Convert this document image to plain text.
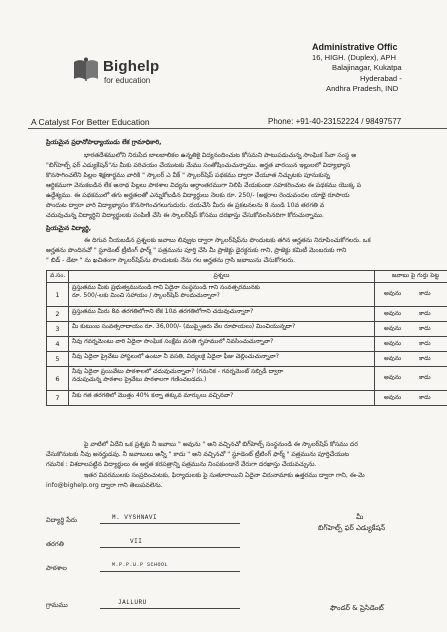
Bighelp
for education
A Catalyst For Better Education
Administrative Offic
16, HIGH. (Duplex), APH
Balajinagar, Kukatpa
Hyderabad -
Andhra Pradesh, IND
Phone: +91-40-23152224 / 98497577
ప్రియమైన ప్రధానోపాధ్యాయుడు లేక గ్రామాధికారి,
భారతదేశములోని నిరుపేద బాలబాలికల ఉన్నతికై విద్యనందించుట కోసమని పాటుపడుచున్న సాంఘిక సేవా సంస్థ అ
"బిగ్‌హెల్ప్ ఫర్ ఎడ్యుకేషన్"ను మీకు పరిచయం చేయుటకు మేము సంతోషించుచున్నాము. అర్హత వారయిన ఇల్లులలో విద్యాభ్యాస
కొనసాగించలేని పిల్లల శిక్షణార్థము వారికి " స్కాలర్ ఎ వీక్ " స్కాలర్‌షిప్ పథకము ద్వారా చేయూత నిచ్చుటకు పూనుకున్న
ఆర్థికముగా వెనుకబడిన లేక అనాథ పిల్లలు పాఠశాల విద్యను అర్ధాంతరముగా నిలిపి వేయకుండా సహకరించుట ఈ పథకము యొక్క ప
ఉద్దేశ్యము. ఈ పథకములో తగు అర్హతలతో ఎన్నుకోబడిన విద్యార్థులు నెలకు రూ. 250/- (అక్షరాల రెండువందల యాభై రూపాయ
పొందుట ద్వారా వారి విద్యాభ్యాసం కొనసాగించగలుగుదురు. దయచేసి మీరు ఈ ప్రకటనలను 8 నుండి 10వ తరగతి వ
చదువుచున్న విద్యార్థిని విద్యార్థులకు పంపిణీ చేసి ఈ స్కాలర్‌షిప్ కోసము దరఖాస్తు చేసుకోవలసినదిగా కోరుచున్నాము.
ప్రియమైన విద్యార్థి,
ఈ దిగువ నీయబడిన ప్రశ్నలకు జవాబు లివ్వుట ద్వారా స్కాలర్‌షిప్‌ను పొందుటకు తగిన అర్హతను నిరూపించుకోగలరు. ఒక
అర్హతను పొందినచో " స్టూడెంట్ ట్రీటింగ్ ఫార్మ్ " పత్రమును పూర్తి చేసి మీ ప్రాజెక్టు డైరక్టరుకు గాని, ప్రాజెక్టు కమిటీ మెంబరుకు గాని
" బిడ్ - డేటా " ను ఖచితంగా స్కాలర్‌షిప్‌ను పొందుటకు నేను గల అర్హతను గ్రాసి జబాబును చేసుకోగలరు.
వ.సం.	ప్రశ్నలు	జవాబు పై గుర్తు పెట్ట
1	ప్రస్తుతము మీకు ప్రభుత్వమునుండి గాని ఏదైనా సంస్థనుండి గాని సంవత్సరమునకు
రూ. 500/-లకు మించి సహాయం / స్కాలర్‌షిప్ పొందుచున్నారా?	అవును కాదు
2	ప్రస్తుతము మీరు 8వ తరగతిలోగాని లేక 10వ తరగతిలోగాని చదువుచున్నారా?	అవును కాదు
3	మీ కుటుంబ సంవత్సరాదాయం రూ. 36,000/- (ముప్పైఆరు వేల రూపాయలు) మించియున్నదా?	అవును కాదు
4	నీవు గవర్నమెంటు వారి ఏదైనా సాంఘిక సంక్షేమ వసతి గృహములో నివసించుచున్నావా?	అవును కాదు
5	నీవు ఏదైనా ప్రైవేటు హాస్టలులో ఉంటూ నీ వసతి, విద్యలకై ఏదైనా ఫీజు చెల్లించుచున్నావా?	అవును కాదు
6	నీవు ఏదైనా ప్రయివేటు పాఠశాలలో చదువుచున్నావా? (గమనిక - గవర్నమెంట్ సబ్సిడీ ద్వారా
నడుపుచున్న పాఠశాల ప్రైవేటు పాఠశాలగా గణించబడదు.)	అవును కాదు
7	నీకు గత తరగతిలో మొత్తం 40% కన్నా తక్కువ మార్కులు వచ్చినవా?	అవును కాదు
పై వాటిలో ఏదేని ఒక ప్రశ్నకు నీ జవాబు " అవును " అని వచ్చినచో బిగ్‌హెల్ప్ సంస్థనుండి ఈ స్కాలర్‌షిప్ కోసము దర
చేసుకొనుటకు నీవు అనర్హుడవు. నీ జవాబులు అన్నీ " కాదు " అని వచ్చినచో " స్టూడెంట్ ట్రీటింగ్ ఫార్మ్ " పత్రమును పూర్తిచేయుట
గమనిక : విశదాలపట్టిన విద్యార్థులు ఈ అర్హత కరపత్రాన్ని పత్రమును నింపకుండానే వేరుగా దరఖాస్తు చేయవచ్చును.
ఇతర వివరములకు సంప్రదించుటకు, ఫిర్యాదులకు పై సుతూరాయిని ఏదైనా చిరునామాకు ఉత్తరము ద్వారా గాని, ఈ-మె
info@bighelp.org ద్వారా గాని తెలుపవలెను.
విద్యార్థి పేరు	M. VYSHNAVI
తరగతి	VII
పాఠశాల	M.P.P.U.P SCHOOL
గ్రామము	JALLURU
మీ
బిగ్‌హెల్ప్ ఫర్ ఎడ్యుకేషన్
ఫౌండర్ & ప్రెసిడెంట్
